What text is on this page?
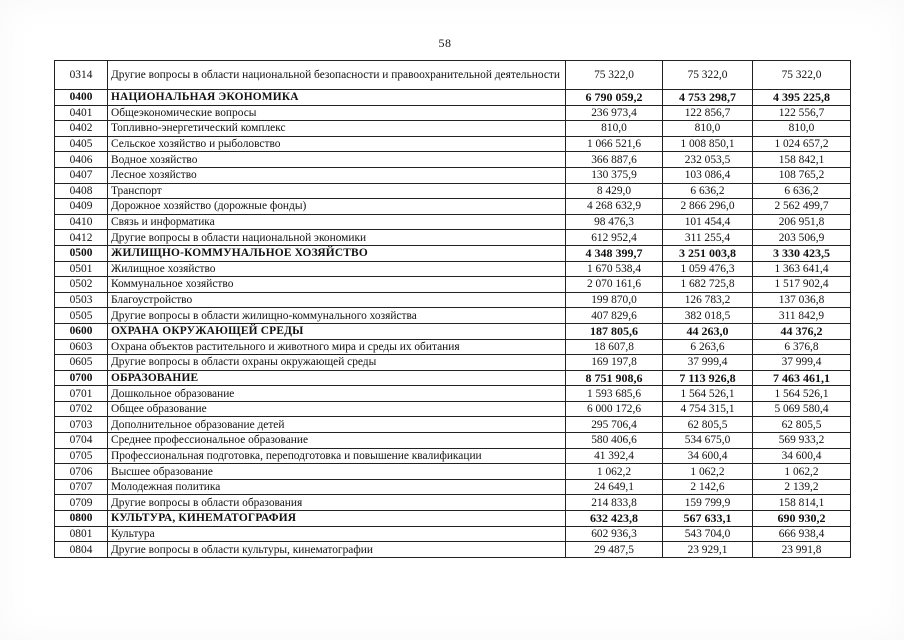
58
0314	Другие вопросы в области национальной безопасности и правоохранительной деятельности	75 322,0	75 322,0	75 322,0
0400	НАЦИОНАЛЬНАЯ ЭКОНОМИКА	6 790 059,2	4 753 298,7	4 395 225,8
0401	Общеэкономические вопросы	236 973,4	122 856,7	122 556,7
0402	Топливно-энергетический комплекс	810,0	810,0	810,0
0405	Сельское хозяйство и рыболовство	1 066 521,6	1 008 850,1	1 024 657,2
0406	Водное хозяйство	366 887,6	232 053,5	158 842,1
0407	Лесное хозяйство	130 375,9	103 086,4	108 765,2
0408	Транспорт	8 429,0	6 636,2	6 636,2
0409	Дорожное хозяйство (дорожные фонды)	4 268 632,9	2 866 296,0	2 562 499,7
0410	Связь и информатика	98 476,3	101 454,4	206 951,8
0412	Другие вопросы в области национальной экономики	612 952,4	311 255,4	203 506,9
0500	ЖИЛИЩНО-КОММУНАЛЬНОЕ ХОЗЯЙСТВО	4 348 399,7	3 251 003,8	3 330 423,5
0501	Жилищное хозяйство	1 670 538,4	1 059 476,3	1 363 641,4
0502	Коммунальное хозяйство	2 070 161,6	1 682 725,8	1 517 902,4
0503	Благоустройство	199 870,0	126 783,2	137 036,8
0505	Другие вопросы в области жилищно-коммунального хозяйства	407 829,6	382 018,5	311 842,9
0600	ОХРАНА ОКРУЖАЮЩЕЙ СРЕДЫ	187 805,6	44 263,0	44 376,2
0603	Охрана объектов растительного и животного мира и среды их обитания	18 607,8	6 263,6	6 376,8
0605	Другие вопросы в области охраны окружающей среды	169 197,8	37 999,4	37 999,4
0700	ОБРАЗОВАНИЕ	8 751 908,6	7 113 926,8	7 463 461,1
0701	Дошкольное образование	1 593 685,6	1 564 526,1	1 564 526,1
0702	Общее образование	6 000 172,6	4 754 315,1	5 069 580,4
0703	Дополнительное образование детей	295 706,4	62 805,5	62 805,5
0704	Среднее профессиональное образование	580 406,6	534 675,0	569 933,2
0705	Профессиональная подготовка, переподготовка и повышение квалификации	41 392,4	34 600,4	34 600,4
0706	Высшее образование	1 062,2	1 062,2	1 062,2
0707	Молодежная политика	24 649,1	2 142,6	2 139,2
0709	Другие вопросы в области образования	214 833,8	159 799,9	158 814,1
0800	КУЛЬТУРА, КИНЕМАТОГРАФИЯ	632 423,8	567 633,1	690 930,2
0801	Культура	602 936,3	543 704,0	666 938,4
0804	Другие вопросы в области культуры, кинематографии	29 487,5	23 929,1	23 991,8
